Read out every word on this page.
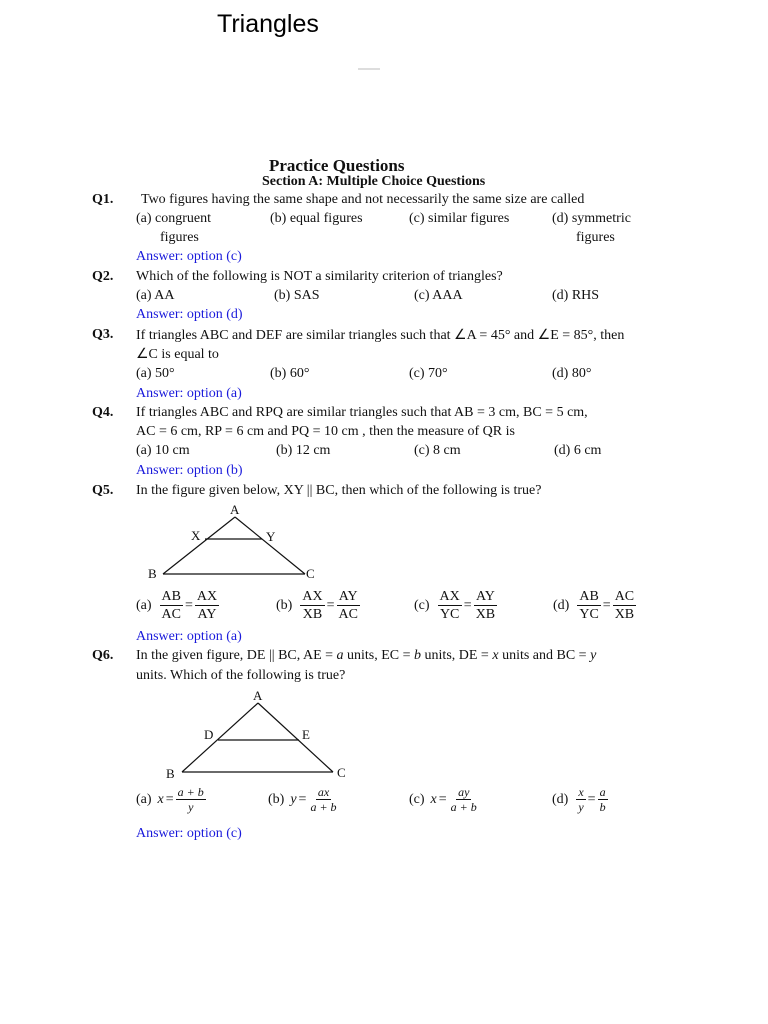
Triangles
Practice Questions
Section A: Multiple Choice Questions
Q1. Two figures having the same shape and not necessarily the same size are called
(a) congruent
figures
(b) equal figures	(c) similar figures	(d) symmetric
figures
Answer: option (c)
Q2. Which of the following is NOT a similarity criterion of triangles?
(a) AA	(b) SAS	(c) AAA	(d) RHS
Answer: option (d)
Q3. If triangles ABC and DEF are similar triangles such that ∠A = 45° and ∠E = 85°, then
∠C is equal to
(a) 50°	(b) 60°	(c) 70°	(d) 80°
Answer: option (a)
Q4. If triangles ABC and RPQ are similar triangles such that AB = 3 cm, BC = 5 cm,
AC = 6 cm, RP = 6 cm and PQ = 10 cm , then the measure of QR is
(a) 10 cm	(b) 12 cm	(c) 8 cm	(d) 6 cm
Answer: option (b)
Q5. In the figure given below, XY || BC, then which of the following is true?
A
B	C
X	Y
$(a) \frac{AB}{AC} = \frac{AX}{AY}$	$(b) \frac{AX}{XB} = \frac{AY}{AC}$	$(c) \frac{AX}{YC} = \frac{AY}{XB}$	$(d) \frac{AB}{YC} = \frac{AC}{XB}$
Answer: option (a)
Q6. In the given figure, DE || BC, AE = a units, EC = b units, DE = x units and BC = y
units. Which of the following is true?
A
B	C
D	E
(a) $x = \frac{a + b}{y}$	(b) $y = \frac{ax}{a + b}$	(c) $x = \frac{ay}{a + b}$	$(d) \frac{x}{y} = \frac{a}{b}$
Answer: option (c)
